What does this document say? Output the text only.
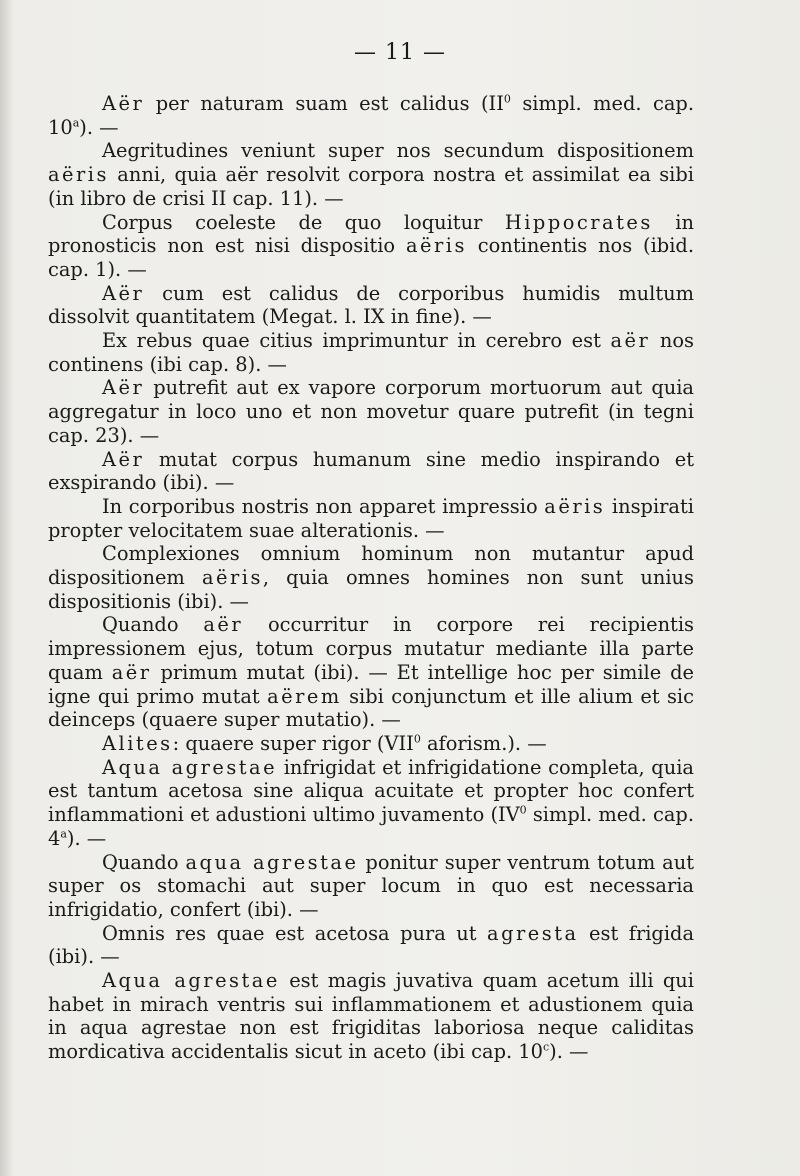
— 11 —

Aër per naturam suam est calidus ($II^0$ simpl. med. cap. 10$^a$). —

Aegritudines veniunt super nos secundum dispositionem aëris anni, quia aër resolvit corpora nostra et assimilat ea sibi (in libro de crisi II cap. 11). —

Corpus coeleste de quo loquitur Hippocrates in pronosticis non est nisi dispositio aëris continentis nos (ibid. cap. 1). —

Aër cum est calidus de corporibus humidis multum dissolvit quantitatem (Megat. l. IX in fine). —

Ex rebus quae citius imprimuntur in cerebro est aër nos continens (ibi cap. 8). —

Aër putrefit aut ex vapore corporum mortuorum aut quia aggregatur in loco uno et non movetur quare putrefit (in tegni cap. 23). —

Aër mutat corpus humanum sine medio inspirando et exspirando (ibi). —

In corporibus nostris non apparet impressio aëris inspirati propter velocitatem suae alterationis. —

Complexiones omnium hominum non mutantur apud dispositionem aëris, quia omnes homines non sunt unius dispositionis (ibi). —

Quando aër occurritur in corpore rei recipientis impressionem ejus, totum corpus mutatur mediante illa parte quam aër primum mutat (ibi). — Et intellige hoc per simile de igne qui primo mutat aërem sibi conjunctum et ille alium et sic deinceps (quaere super mutatio). —

Alites: quaere super rigor (VII$^0$ aforism.). —

Aqua agrestae infrigidat et infrigidatione completa, quia est tantum acetosa sine aliqua acuitate et propter hoc confert inflammationi et adustioni ultimo juvamento ($IV^0$ simpl. med. cap. 4$^a$). —

Quando aqua agrestae ponitur super ventrum totum aut super os stomachi aut super locum in quo est necessaria infrigidatio, confert (ibi). —

Omnis res quae est acetosa pura ut agresta est frigida (ibi). —

Aqua agrestae est magis juvativa quam acetum illi qui habet in mirach ventris sui inflammationem et adustionem quia in aqua agrestae non est frigiditas laboriosa neque caliditas mordicativa accidentalis sicut in aceto (ibi cap. 10$^c$). —
